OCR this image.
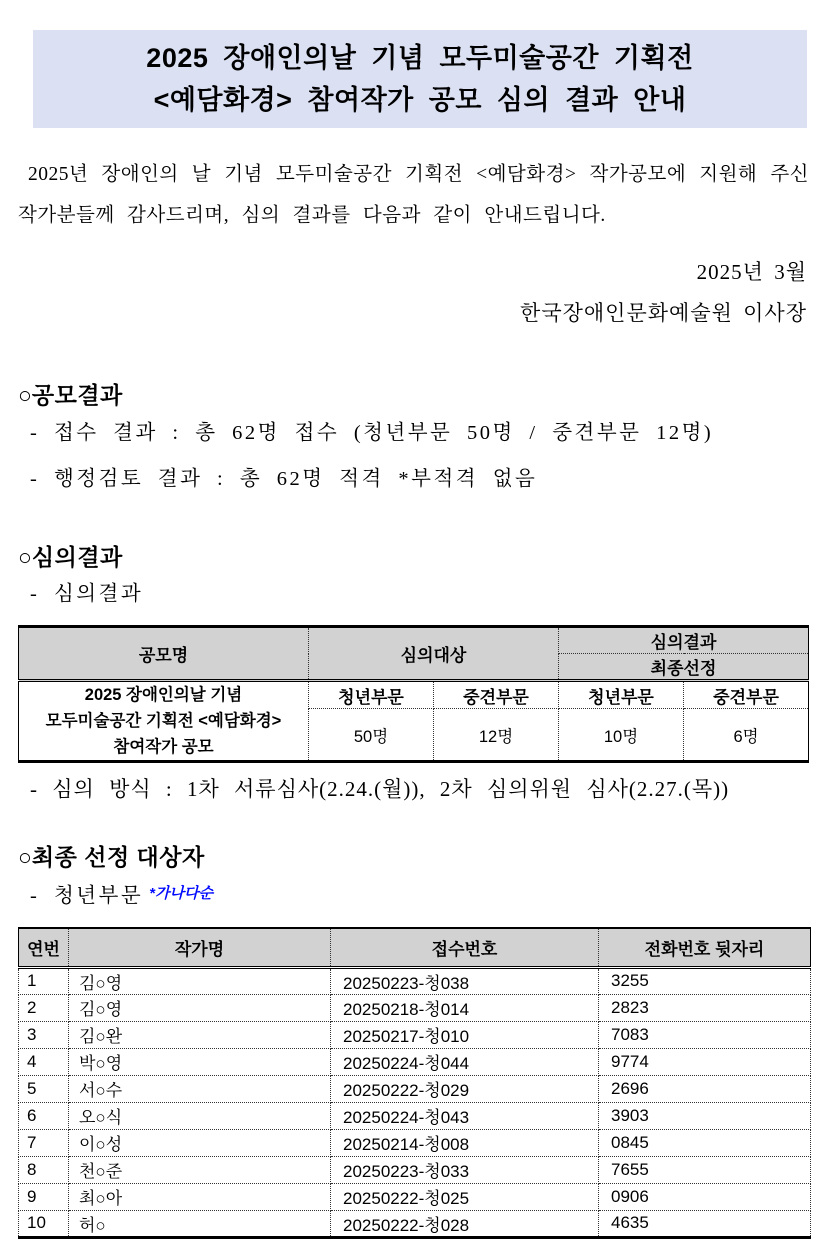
2025 장애인의날 기념 모두미술공간 기획전
<예담화경> 참여작가 공모 심의 결과 안내

2025년 장애인의 날 기념 모두미술공간 기획전 <예담화경> 작가공모에 지원해 주신 작가분들께 감사드리며, 심의 결과를 다음과 같이 안내드립니다.

2025년 3월
한국장애인문화예술원 이사장
○공모결과
- 접수 결과 : 총 62명 접수 (청년부문 50명 / 중견부문 12명)
- 행정검토 결과 : 총 62명 적격 *부적격 없음
○심의결과
- 심의결과
공모명	심의대상		심의결과	
			최종선정	

2025 장애인의날 기념
모두미술공간 기획전 <예담화경>
참여작가 공모	청년부문	중견부문	청년부문	중견부문
	50명	12명	10명	6명
- 심의 방식 : 1차 서류심사(2.24.(월)), 2차 심의위원 심사(2.27.(목))
○최종 선정 대상자
- 청년부문 *가나다순
연번	작가명	접수번호	전화번호 뒷자리
1	김○영	20250223-청038	3255
2	김○영	20250218-청014	2823
3	김○완	20250217-청010	7083
4	박○영	20250224-청044	9774
5	서○수	20250222-청029	2696
6	오○식	20250224-청043	3903
7	이○성	20250214-청008	0845
8	천○준	20250223-청033	7655
9	최○아	20250222-청025	0906
10	허○	20250222-청028	4635
